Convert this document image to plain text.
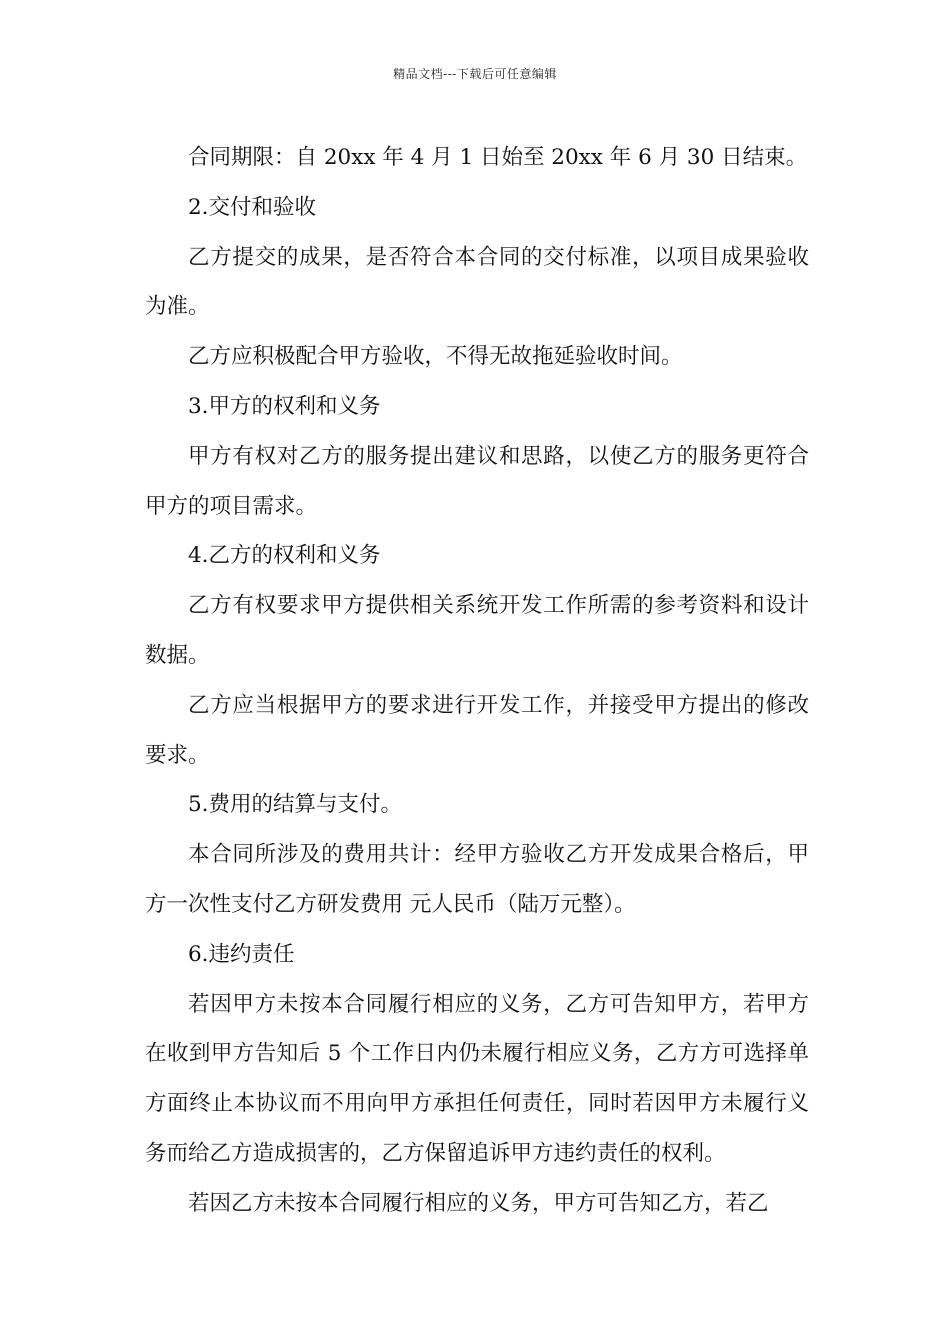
精品文档---下载后可任意编辑

合同期限：自 20xx 年 4 月 1 日始至 20xx 年 6 月 30 日结束。

2.交付和验收

乙方提交的成果，是否符合本合同的交付标准，以项目成果验收为准。

乙方应积极配合甲方验收，不得无故拖延验收时间。

3.甲方的权利和义务

甲方有权对乙方的服务提出建议和思路，以使乙方的服务更符合甲方的项目需求。

4.乙方的权利和义务

乙方有权要求甲方提供相关系统开发工作所需的参考资料和设计数据。

乙方应当根据甲方的要求进行开发工作，并接受甲方提出的修改要求。

5.费用的结算与支付。

本合同所涉及的费用共计：经甲方验收乙方开发成果合格后，甲方一次性支付乙方研发费用 元人民币（陆万元整）。

6.违约责任

若因甲方未按本合同履行相应的义务，乙方可告知甲方，若甲方在收到甲方告知后 5 个工作日内仍未履行相应义务，乙方方可选择单方面终止本协议而不用向甲方承担任何责任，同时若因甲方未履行义务而给乙方造成损害的，乙方保留追诉甲方违约责任的权利。

若因乙方未按本合同履行相应的义务，甲方可告知乙方，若乙
